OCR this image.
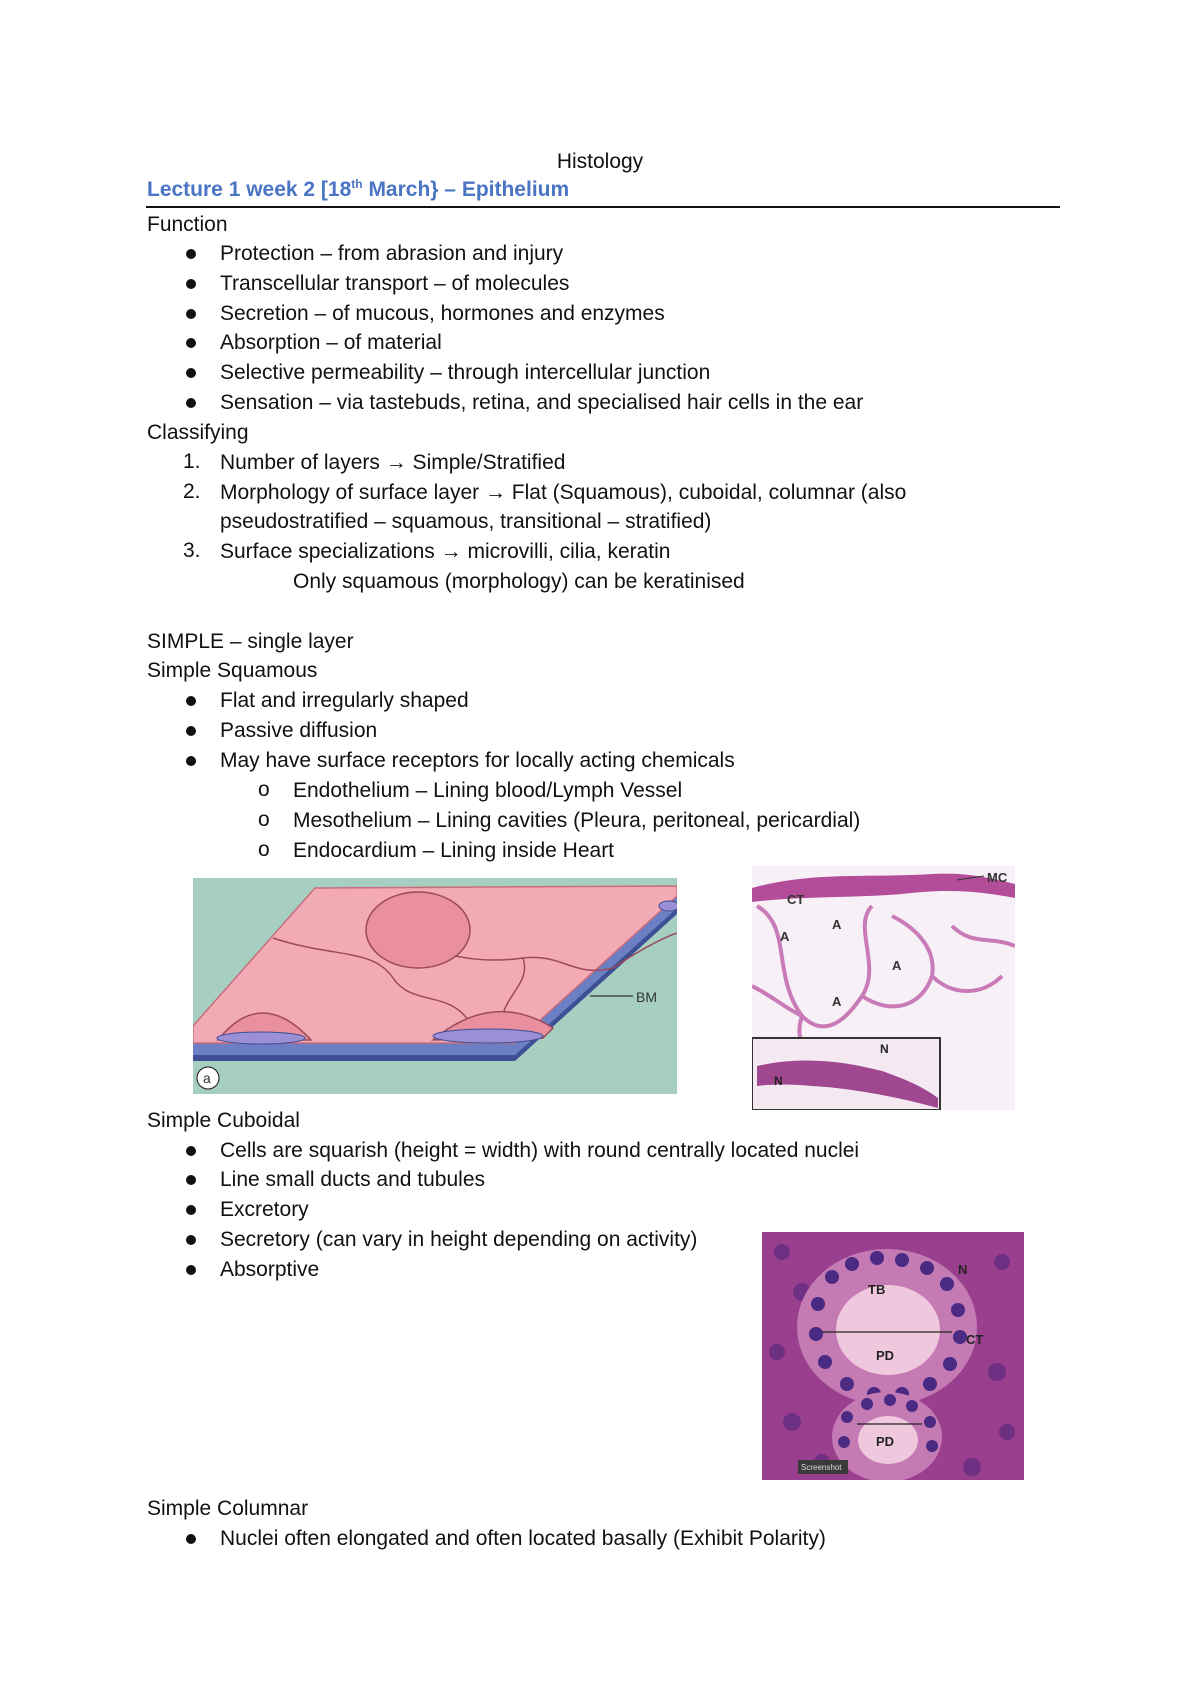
Histology
Lecture 1 week 2 [18th March} – Epithelium
Function
Protection – from abrasion and injury
Transcellular transport – of molecules
Secretion – of mucous, hormones and enzymes
Absorption – of material
Selective permeability – through intercellular junction
Sensation – via tastebuds, retina, and specialised hair cells in the ear
Classifying
1. Number of layers → Simple/Stratified
2. Morphology of surface layer → Flat (Squamous), cuboidal, columnar (also
pseudostratified – squamous, transitional – stratified)
3. Surface specializations → microvilli, cilia, keratin
Only squamous (morphology) can be keratinised
SIMPLE – single layer
Simple Squamous
Flat and irregularly shaped
Passive diffusion
May have surface receptors for locally acting chemicals
o Endothelium – Lining blood/Lymph Vessel
o Mesothelium – Lining cavities (Pleura, peritoneal, pericardial)
o Endocardium – Lining inside Heart
BM
a
CT
MC
A
A
A
A
N
N
Simple Cuboidal
Cells are squarish (height = width) with round centrally located nuclei
Line small ducts and tubules
Excretory
Secretory (can vary in height depending on activity)
Absorptive
TB
PD
N
CT
PD
Screenshot
Simple Columnar
Nuclei often elongated and often located basally (Exhibit Polarity)
